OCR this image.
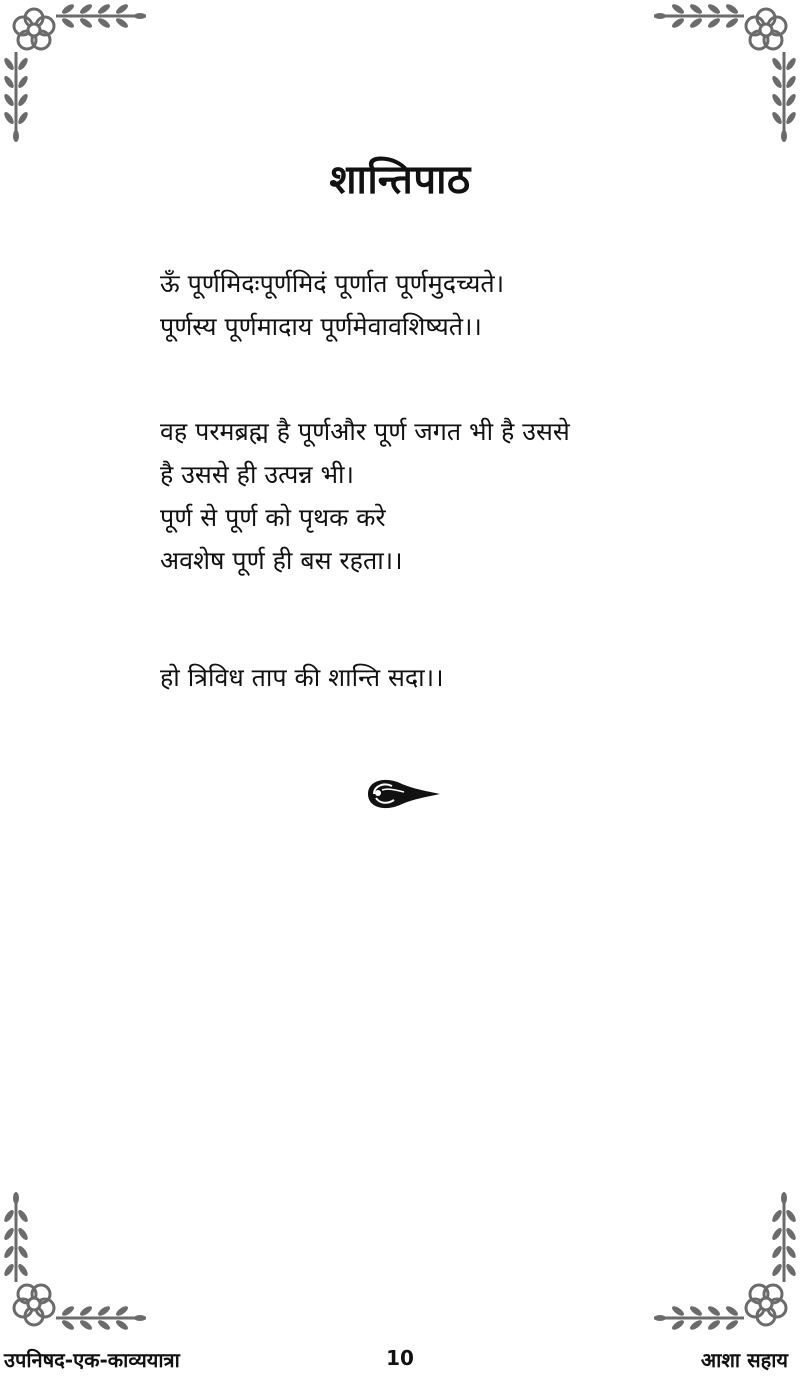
शान्तिपाठ
ऊँ पूर्णमिदःपूर्णमिदं पूर्णात पूर्णमुदच्यते।
पूर्णस्य पूर्णमादाय पूर्णमेवावशिष्यते।।
वह परमब्रह्म है पूर्णऔर पूर्ण जगत भी है उससे
है उससे ही उत्पन्न भी।
पूर्ण से पूर्ण को पृथक करे
अवशेष पूर्ण ही बस रहता।।
हो त्रिविध ताप की शान्ति सदा।।
उपनिषद-एक-काव्ययात्रा	10	आशा सहाय
